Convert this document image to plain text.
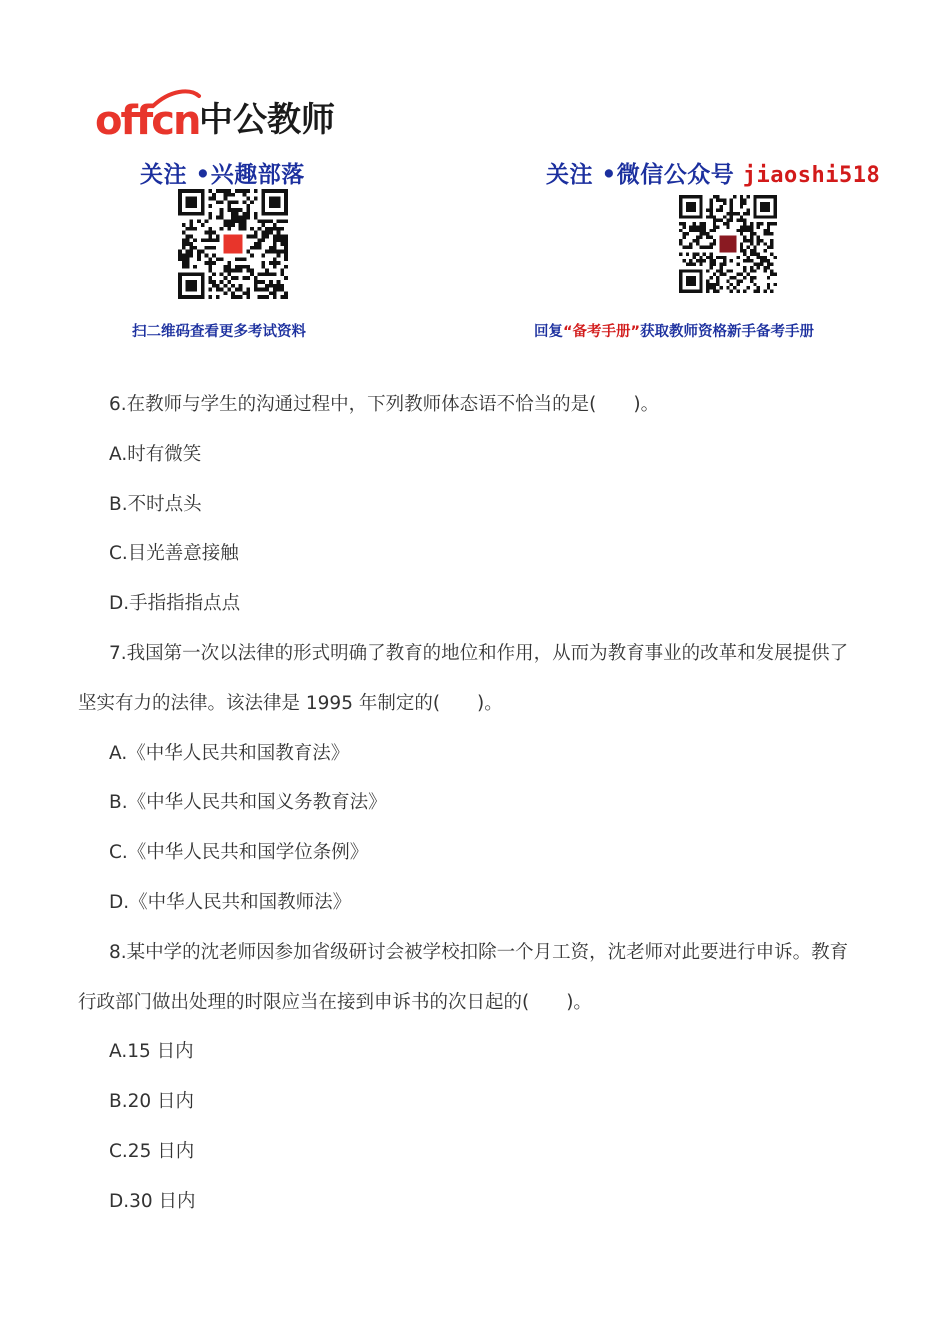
offcn 中公教师
关注 •兴趣部落	关注 •微信公众号 jiaoshi518
扫二维码查看更多考试资料	回复“备考手册”获取教师资格新手备考手册
6.在教师与学生的沟通过程中，下列教师体态语不恰当的是(　　)。
A.时有微笑
B.不时点头
C.目光善意接触
D.手指指指点点
7.我国第一次以法律的形式明确了教育的地位和作用，从而为教育事业的改革和发展提供了
坚实有力的法律。该法律是 1995 年制定的(　　)。
A.《中华人民共和国教育法》
B.《中华人民共和国义务教育法》
C.《中华人民共和国学位条例》
D.《中华人民共和国教师法》
8.某中学的沈老师因参加省级研讨会被学校扣除一个月工资，沈老师对此要进行申诉。教育
行政部门做出处理的时限应当在接到申诉书的次日起的(　　)。
A.15 日内
B.20 日内
C.25 日内
D.30 日内
